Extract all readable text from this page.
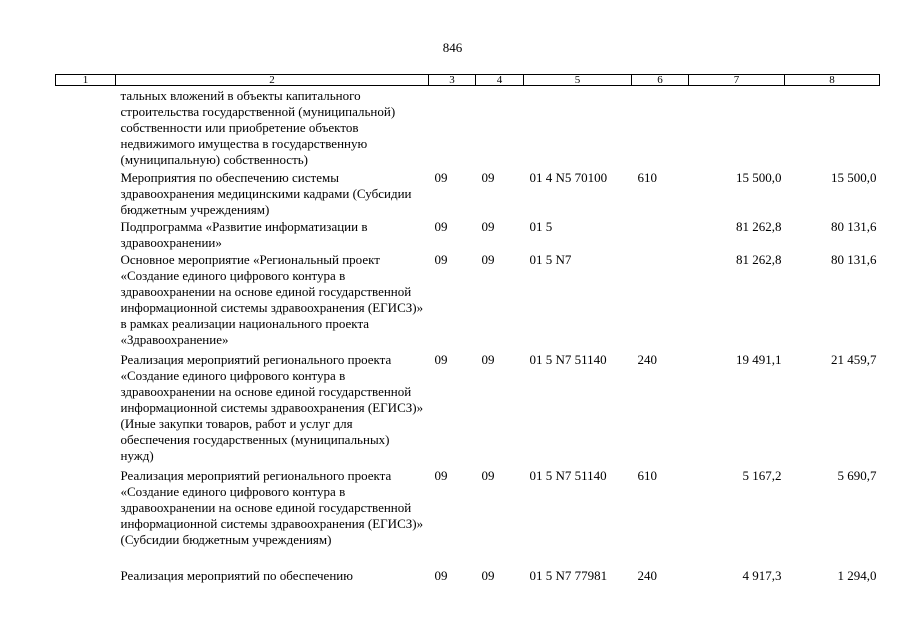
846
1	2	3	4	5	6	7	8
	тальных вложений в объекты капитального строительства государственной (муниципальной) собственности или приобретение объектов недвижимого имущества в государственную (муниципальную) собственность)						
	Мероприятия по обеспечению системы здравоохранения медицинскими кадрами (Субсидии бюджетным учреждениям)	09	09	01 4 N5 70100	610	15 500,0	15 500,0
	Подпрограмма «Развитие информатизации в здравоохранении»	09	09	01 5		81 262,8	80 131,6
	Основное мероприятие «Региональный проект «Создание единого цифрового контура в здравоохранении на основе единой государственной информационной системы здравоохранения (ЕГИСЗ)» в рамках реализации национального проекта «Здравоохранение»	09	09	01 5 N7		81 262,8	80 131,6
	Реализация мероприятий регионального проекта «Создание единого цифрового контура в здравоохранении на основе единой государственной информационной системы здравоохранения (ЕГИСЗ)» (Иные закупки товаров, работ и услуг для обеспечения государственных (муниципальных) нужд)	09	09	01 5 N7 51140	240	19 491,1	21 459,7
	Реализация мероприятий регионального проекта «Создание единого цифрового контура в здравоохранении на основе единой государственной информационной системы здравоохранения (ЕГИСЗ)» (Субсидии бюджетным учреждениям)	09	09	01 5 N7 51140	610	5 167,2	5 690,7
	Реализация мероприятий по обеспечению	09	09	01 5 N7 77981	240	4 917,3	1 294,0
